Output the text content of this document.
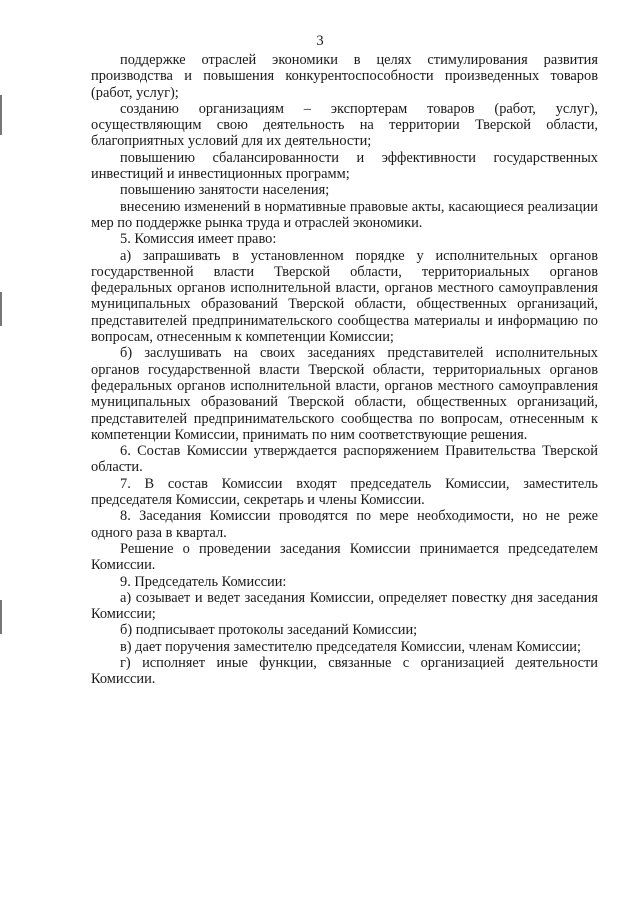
3

поддержке отраслей экономики в целях стимулирования развития производства и повышения конкурентоспособности произведенных товаров (работ, услуг);

созданию организациям – экспортерам товаров (работ, услуг), осуществляющим свою деятельность на территории Тверской области, благоприятных условий для их деятельности;

повышению сбалансированности и эффективности государственных инвестиций и инвестиционных программ;

повышению занятости населения;

внесению изменений в нормативные правовые акты, касающиеся реализации мер по поддержке рынка труда и отраслей экономики.

5. Комиссия имеет право:

а) запрашивать в установленном порядке у исполнительных органов государственной власти Тверской области, территориальных органов федеральных органов исполнительной власти, органов местного самоуправления муниципальных образований Тверской области, общественных организаций, представителей предпринимательского сообщества материалы и информацию по вопросам, отнесенным к компетенции Комиссии;

б) заслушивать на своих заседаниях представителей исполнительных органов государственной власти Тверской области, территориальных органов федеральных органов исполнительной власти, органов местного самоуправления муниципальных образований Тверской области, общественных организаций, представителей предпринимательского сообщества по вопросам, отнесенным к компетенции Комиссии, принимать по ним соответствующие решения.

6. Состав Комиссии утверждается распоряжением Правительства Тверской области.

7. В состав Комиссии входят председатель Комиссии, заместитель председателя Комиссии, секретарь и члены Комиссии.

8. Заседания Комиссии проводятся по мере необходимости, но не реже одного раза в квартал.

Решение о проведении заседания Комиссии принимается председателем Комиссии.

9. Председатель Комиссии:

а) созывает и ведет заседания Комиссии, определяет повестку дня заседания Комиссии;

б) подписывает протоколы заседаний Комиссии;

в) дает поручения заместителю председателя Комиссии, членам Комиссии;

г) исполняет иные функции, связанные с организацией деятельности Комиссии.
